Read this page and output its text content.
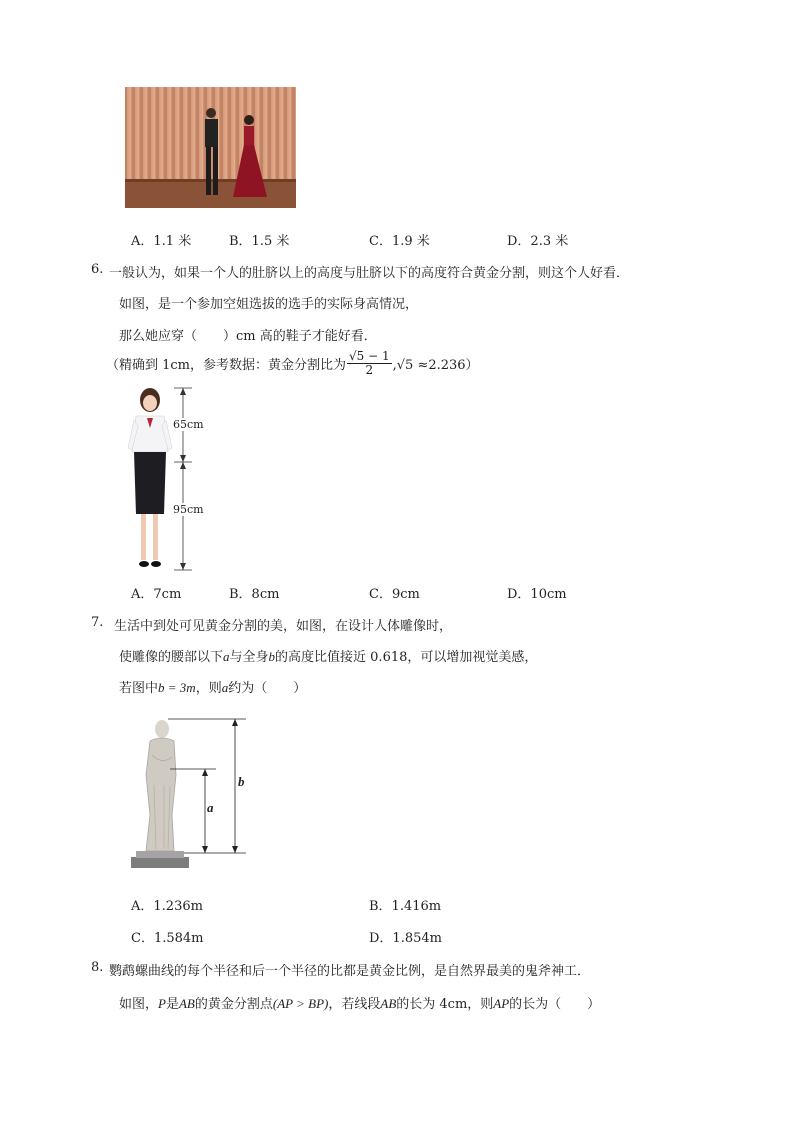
A．1.1 米	B．1.5 米	C．1.9 米	D．2.3 米
6. 一般认为，如果一个人的肚脐以上的高度与肚脐以下的高度符合黄金分割，则这个人好看．
如图，是一个参加空姐选拔的选手的实际身高情况，
那么她应穿（　　）cm 高的鞋子才能好看．
（精确到 1cm，参考数据：黄金分割比为 $\frac{√5 - 1}{2} ,√5 \approx 2.236$）
65cm
95cm
A．7cm	B．8cm	C．9cm	D．10cm
7. 生活中到处可见黄金分割的美，如图，在设计人体雕像时，
使雕像的腰部以下a与全身b的高度比值接近 0.618，可以增加视觉美感，
若图中b = 3m，则a约为（　　）
a
b
A．1.236m	B．1.416m
C．1.584m	D．1.854m
8. 鹦鹉螺曲线的每个半径和后一个半径的比都是黄金比例，是自然界最美的鬼斧神工．
如图，P是AB的黄金分割点(AP > BP)，若线段AB的长为 4cm，则AP的长为（　　）
